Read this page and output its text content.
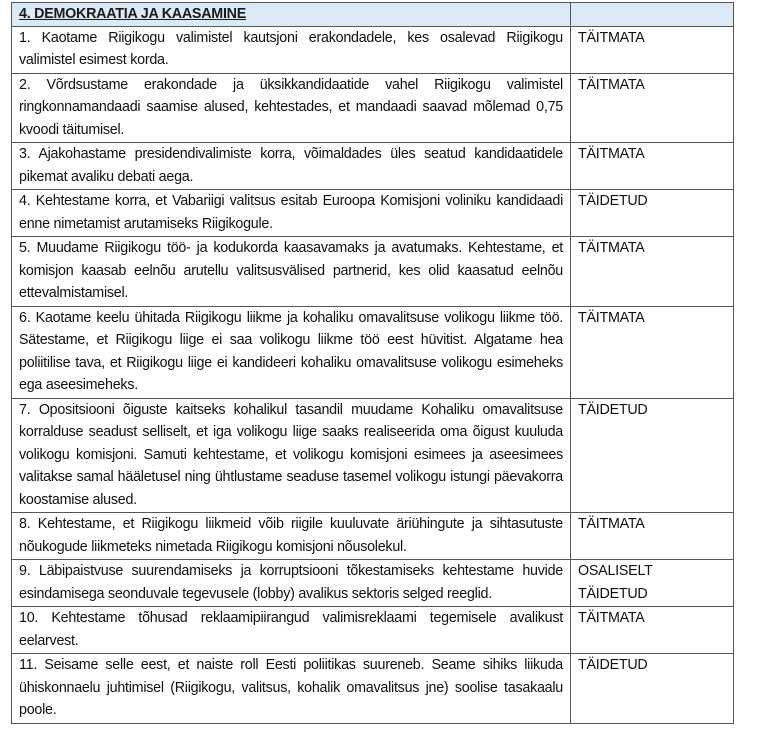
4. DEMOKRAATIA JA KAASAMINE	
1. Kaotame Riigikogu valimistel kautsjoni erakondadele, kes osalevad Riigikogu valimistel esimest korda.	TÄITMATA

2. Võrdsustame erakondade ja üksikkandidaatide vahel Riigikogu valimistel ringkonnamandaadi saamise alused, kehtestades, et mandaadi saavad mõlemad 0,75 kvoodi täitumisel.	TÄITMATA

3. Ajakohastame presidendivalimiste korra, võimaldades üles seatud kandidaatidele pikemat avaliku debati aega.	TÄITMATA

4. Kehtestame korra, et Vabariigi valitsus esitab Euroopa Komisjoni voliniku kandidaadi enne nimetamist arutamiseks Riigikogule.	TÄIDETUD

5. Muudame Riigikogu töö- ja kodukorda kaasavamaks ja avatumaks. Kehtestame, et komisjon kaasab eelnõu arutellu valitsusvälised partnerid, kes olid kaasatud eelnõu ettevalmistamisel.	TÄITMATA

6. Kaotame keelu ühitada Riigikogu liikme ja kohaliku omavalitsuse volikogu liikme töö. Sätestame, et Riigikogu liige ei saa volikogu liikme töö eest hüvitist. Algatame hea poliitilise tava, et Riigikogu liige ei kandideeri kohaliku omavalitsuse volikogu esimeheks ega aseesimeheks.	TÄITMATA

7. Opositsiooni õiguste kaitseks kohalikul tasandil muudame Kohaliku omavalitsuse korralduse seadust selliselt, et iga volikogu liige saaks realiseerida oma õigust kuuluda volikogu komisjoni. Samuti kehtestame, et volikogu komisjoni esimees ja aseesimees valitakse samal hääletusel ning ühtlustame seaduse tasemel volikogu istungi päevakorra koostamise alused.	TÄIDETUD

8. Kehtestame, et Riigikogu liikmeid võib riigile kuuluvate äriühingute ja sihtasutuste nõukogude liikmeteks nimetada Riigikogu komisjoni nõusolekul.	TÄITMATA

9. Läbipaistvuse suurendamiseks ja korruptsiooni tõkestamiseks kehtestame huvide esindamisega seonduvale tegevusele (lobby) avalikus sektoris selged reeglid.	OSALISELT
TÄIDETUD

10. Kehtestame tõhusad reklaamipiirangud valimisreklaami tegemisele avalikust eelarvest.	TÄITMATA

11. Seisame selle eest, et naiste roll Eesti poliitikas suureneb. Seame sihiks liikuda ühiskonnaelu juhtimisel (Riigikogu, valitsus, kohalik omavalitsus jne) soolise tasakaalu poole.	TÄIDETUD
